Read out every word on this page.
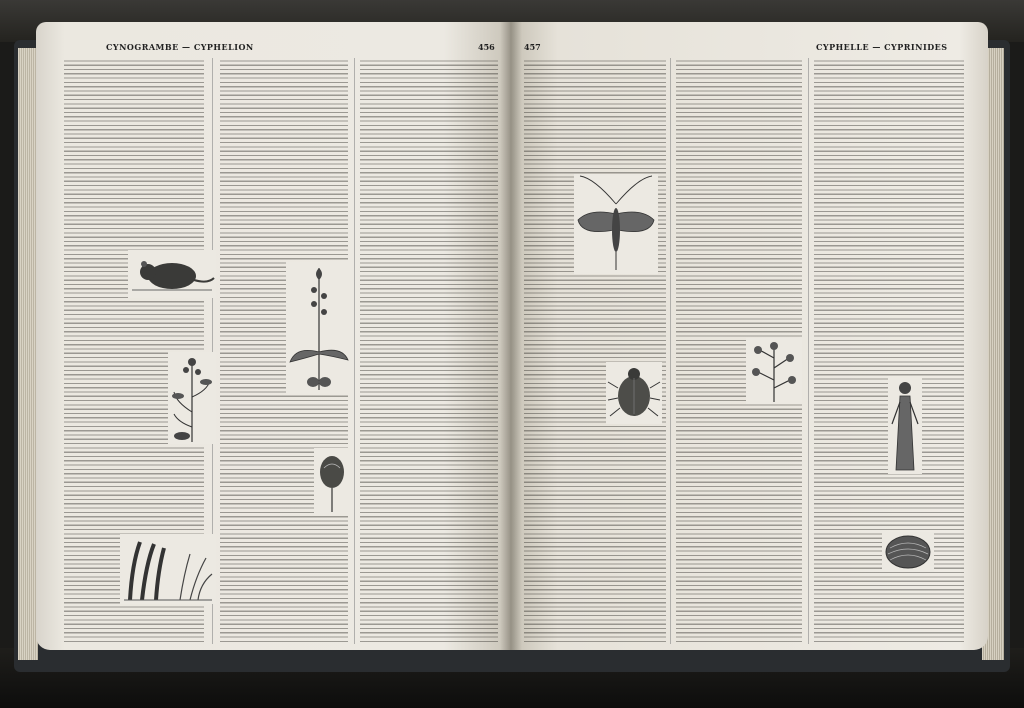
CYNOGRAMBE — CYPHELION	456	457	CYPHELLE — CYPRINIDES
